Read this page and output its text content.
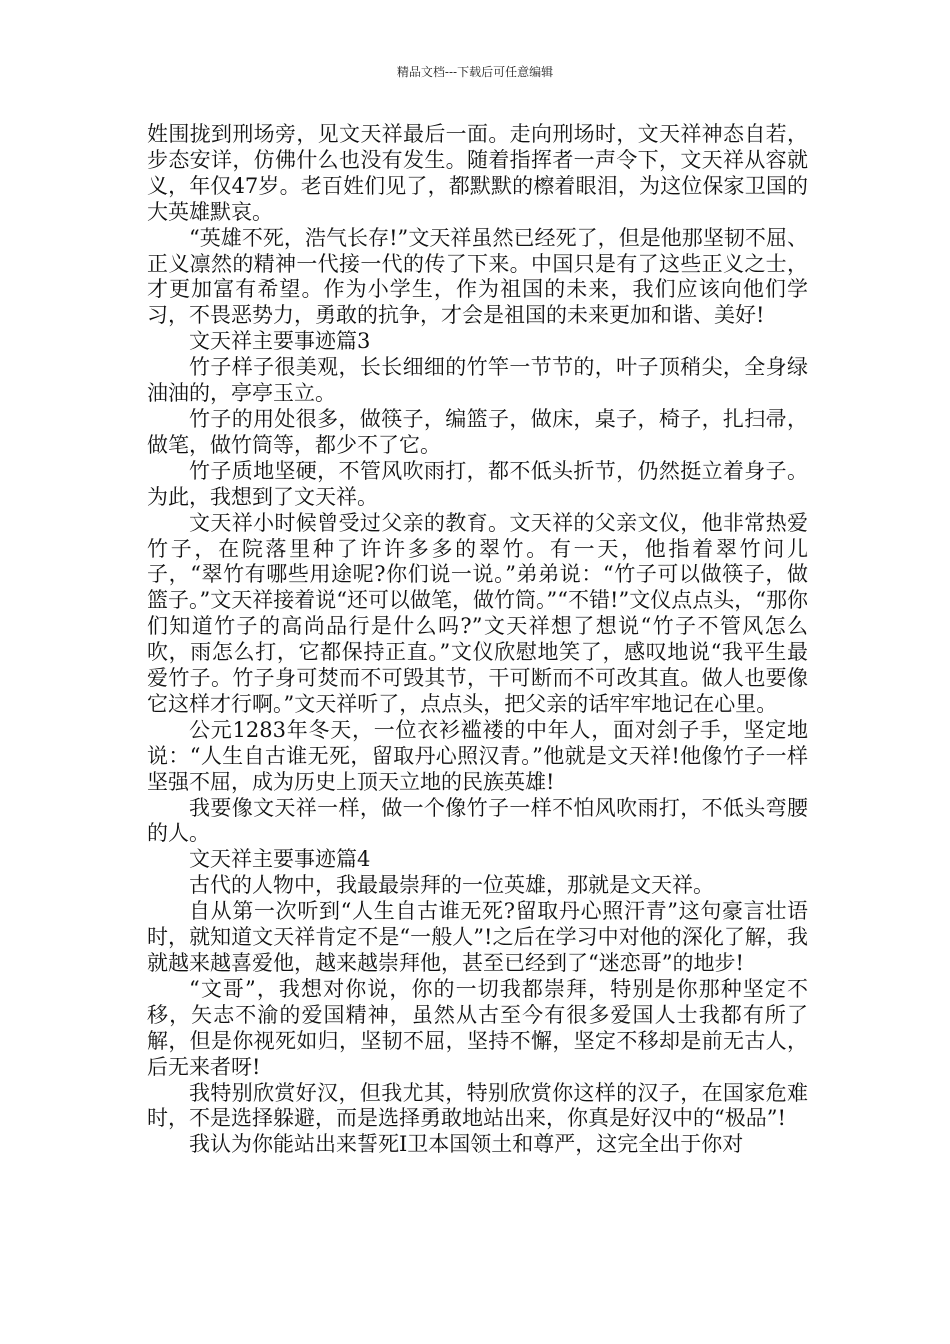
精品文档---下载后可任意编辑

姓围拢到刑场旁，见文天祥最后一面。走向刑场时，文天祥神态自若，步态安详，仿佛什么也没有发生。随着指挥者一声令下，文天祥从容就义，年仅47岁。老百姓们见了，都默默的檫着眼泪，为这位保家卫国的大英雄默哀。

“英雄不死，浩气长存!”文天祥虽然已经死了，但是他那坚韧不屈、正义凛然的精神一代接一代的传了下来。中国只是有了这些正义之士，才更加富有希望。作为小学生，作为祖国的未来，我们应该向他们学习，不畏恶势力，勇敢的抗争，才会是祖国的未来更加和谐、美好!

文天祥主要事迹篇3

竹子样子很美观，长长细细的竹竿一节节的，叶子顶稍尖，全身绿油油的，亭亭玉立。

竹子的用处很多，做筷子，编篮子，做床，桌子，椅子，扎扫帚，做笔，做竹筒等，都少不了它。

竹子质地坚硬，不管风吹雨打，都不低头折节，仍然挺立着身子。为此，我想到了文天祥。

文天祥小时候曾受过父亲的教育。文天祥的父亲文仪，他非常热爱竹子，在院落里种了许许多多的翠竹。有一天，他指着翠竹问儿子，“翠竹有哪些用途呢?你们说一说。”弟弟说：“竹子可以做筷子，做篮子。”文天祥接着说“还可以做笔，做竹筒。”“不错!”文仪点点头，“那你们知道竹子的高尚品行是什么吗?”文天祥想了想说“竹子不管风怎么吹，雨怎么打，它都保持正直。”文仪欣慰地笑了，感叹地说“我平生最爱竹子。竹子身可焚而不可毁其节，干可断而不可改其直。做人也要像它这样才行啊。”文天祥听了，点点头，把父亲的话牢牢地记在心里。

公元1283年冬天，一位衣衫褴褛的中年人，面对刽子手，坚定地说：“人生自古谁无死，留取丹心照汉青。”他就是文天祥!他像竹子一样坚强不屈，成为历史上顶天立地的民族英雄!

我要像文天祥一样，做一个像竹子一样不怕风吹雨打，不低头弯腰的人。

文天祥主要事迹篇4

古代的人物中，我最最崇拜的一位英雄，那就是文天祥。

自从第一次听到“人生自古谁无死?留取丹心照汗青”这句豪言壮语时，就知道文天祥肯定不是“一般人”!之后在学习中对他的深化了解，我就越来越喜爱他，越来越崇拜他，甚至已经到了“迷恋哥”的地步!

“文哥”，我想对你说，你的一切我都崇拜，特别是你那种坚定不移，矢志不渝的爱国精神，虽然从古至今有很多爱国人士我都有所了解，但是你视死如归，坚韧不屈，坚持不懈，坚定不移却是前无古人，后无来者呀!

我特别欣赏好汉，但我尤其，特别欣赏你这样的汉子，在国家危难时，不是选择躲避，而是选择勇敢地站出来，你真是好汉中的“极品”!

我认为你能站出来誓死Ⅰ卫本国领土和尊严，这完全出于你对
